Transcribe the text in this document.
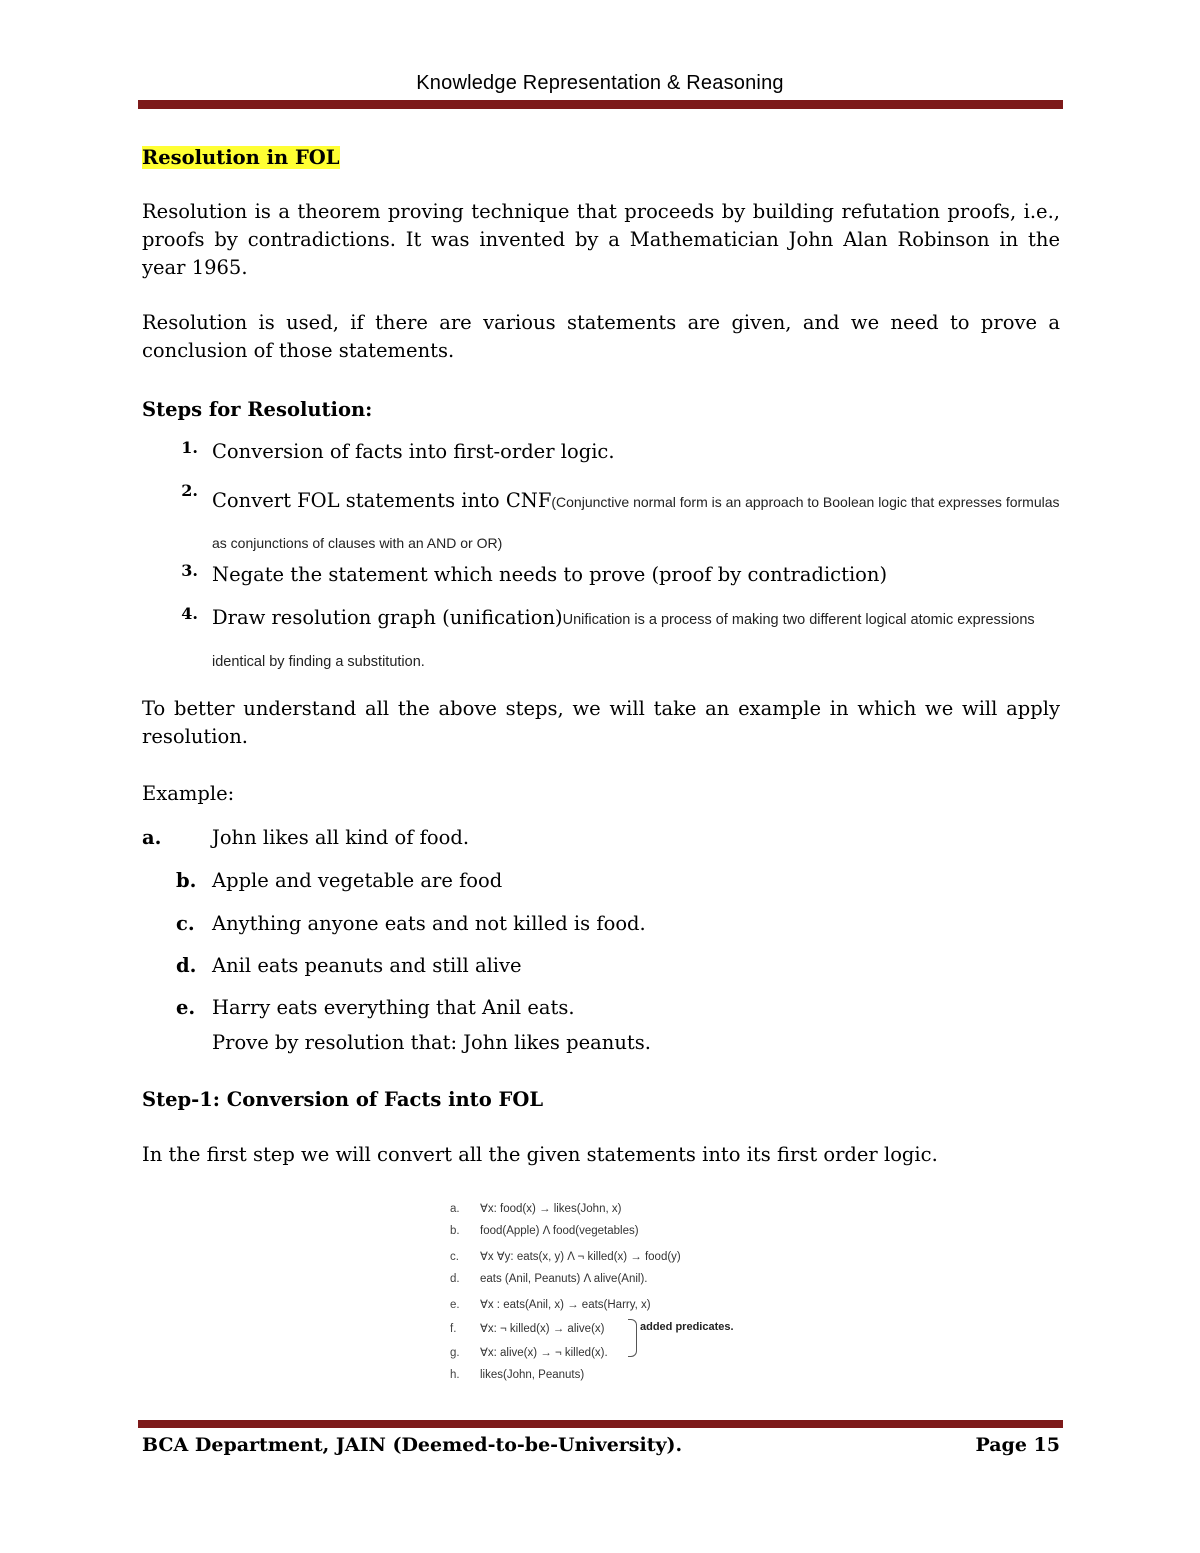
Knowledge Representation & Reasoning
Resolution in FOL
Resolution is a theorem proving technique that proceeds by building refutation proofs, i.e., proofs by contradictions. It was invented by a Mathematician John Alan Robinson in the year 1965.
Resolution is used, if there are various statements are given, and we need to prove a conclusion of those statements.
Steps for Resolution:
1. Conversion of facts into first-order logic.
2. Convert FOL statements into CNF(Conjunctive normal form is an approach to Boolean logic that expresses formulas as conjunctions of clauses with an AND or OR)
3. Negate the statement which needs to prove (proof by contradiction)
4. Draw resolution graph (unification)Unification is a process of making two different logical atomic expressions identical by finding a substitution.
To better understand all the above steps, we will take an example in which we will apply resolution.
Example:
a.	John likes all kind of food.
b. Apple and vegetable are food
c. Anything anyone eats and not killed is food.
d. Anil eats peanuts and still alive
e. Harry eats everything that Anil eats.
Prove by resolution that: John likes peanuts.
Step-1: Conversion of Facts into FOL
In the first step we will convert all the given statements into its first order logic.
a. ∀x: food(x) → likes(John, x)
b. food(Apple) Λ food(vegetables)
c. ∀x ∀y: eats(x, y) Λ ¬ killed(x) → food(y)
d. eats (Anil, Peanuts) Λ alive(Anil).
e. ∀x : eats(Anil, x) → eats(Harry, x)
f. ∀x: ¬ killed(x) → alive(x)
g. ∀x: alive(x) → ¬ killed(x).
h. likes(John, Peanuts)
added predicates.
BCA Department, JAIN (Deemed-to-be-University).	Page 15
